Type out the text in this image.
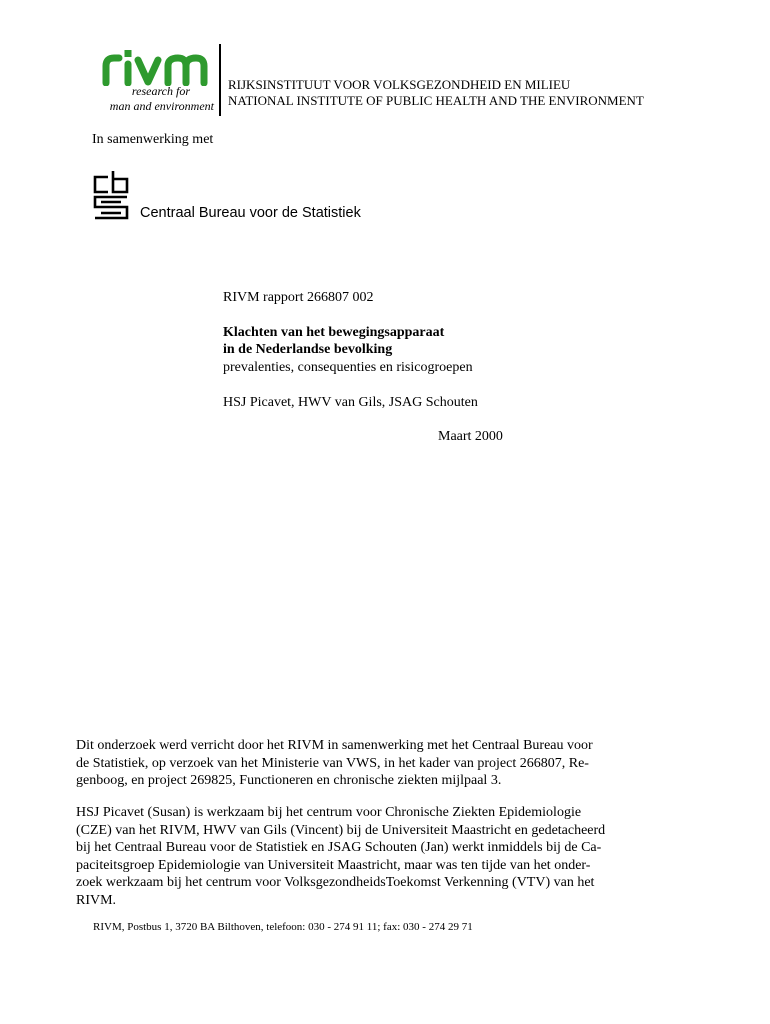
research for
man and environment
RIJKSINSTITUUT VOOR VOLKSGEZONDHEID EN MILIEU
NATIONAL INSTITUTE OF PUBLIC HEALTH AND THE ENVIRONMENT
In samenwerking met
Centraal Bureau voor de Statistiek
RIVM rapport 266807 002
Klachten van het bewegingsapparaat
in de Nederlandse bevolking
prevalenties, consequenties en risicogroepen
HSJ Picavet, HWV van Gils, JSAG Schouten
Maart 2000
Dit onderzoek werd verricht door het RIVM in samenwerking met het Centraal Bureau voor
de Statistiek, op verzoek van het Ministerie van VWS, in het kader van project 266807, Re-
genboog, en project 269825, Functioneren en chronische ziekten mijlpaal 3.
HSJ Picavet (Susan) is werkzaam bij het centrum voor Chronische Ziekten Epidemiologie
(CZE) van het RIVM, HWV van Gils (Vincent) bij de Universiteit Maastricht en gedetacheerd
bij het Centraal Bureau voor de Statistiek en JSAG Schouten (Jan) werkt inmiddels bij de Ca-
paciteitsgroep Epidemiologie van Universiteit Maastricht, maar was ten tijde van het onder-
zoek werkzaam bij het centrum voor VolksgezondheidsToekomst Verkenning (VTV) van het
RIVM.
RIVM, Postbus 1, 3720 BA Bilthoven, telefoon: 030 - 274 91 11; fax: 030 - 274 29 71
